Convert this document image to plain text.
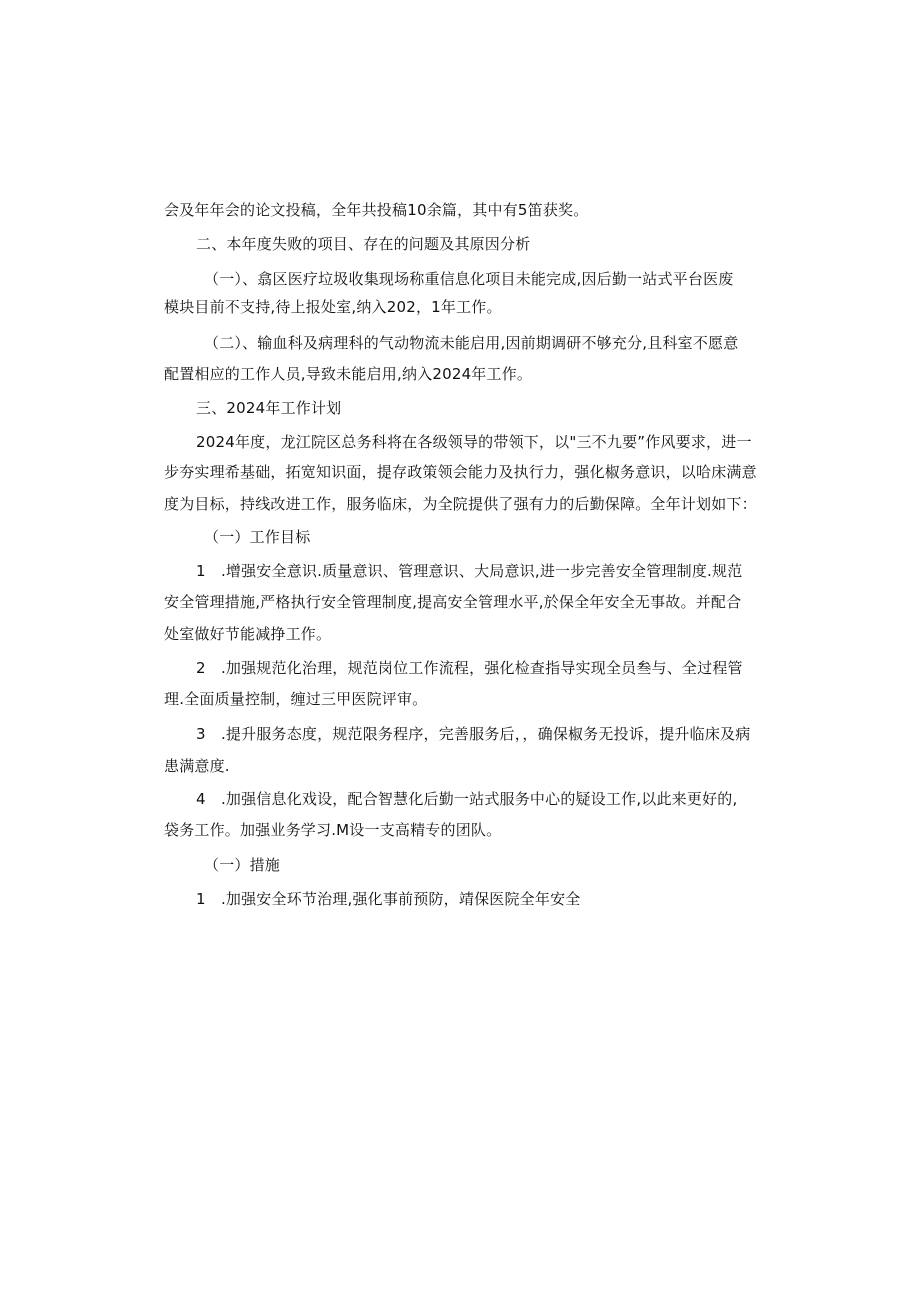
会及年年会的论文投稿，全年共投稿10余篇，其中有5笛获奖。
二、本年度失败的项目、存在的问题及其原因分析
（一）、翕区医疗垃圾收集现场称重信息化项目未能完成,因后勤一站式平台医废
模块目前不支持,待上报处室,纳入202，1年工作。
（二）、输血科及病理科的气动物流未能启用,因前期调研不够充分,且科室不愿意
配置相应的工作人员,导致未能启用,纳入2024年工作。
三、2024年工作计划
2024年度，龙江院区总务科将在各级领导的带领下，以"三不九要”作风要求，进一
步夯实理希基础，拓宽知识面，提存政策领会能力及执行力，强化椒务意识，以哈床满意
度为目标，持线改进工作，服务临床，为全院提供了强有力的后勤保障。全年计划如下：
（一）工作目标
1　.增强安全意识.质量意识、管理意识、大局意识,进一步完善安全管理制度.规范
安全管理措施,严格执行安全管理制度,提高安全管理水平,於保全年安全无事故。并配合
处室做好节能减挣工作。
2　.加强规范化治理，规范岗位工作流程，强化检查指导实现全员叁与、全过程管
理.全面质量控制，缠过三甲医院评审。
3　.提升服务态度，规范限务程序，完善服务后，，确保椒务无投诉，提升临床及病
患满意度.
4　.加强信息化戏设，配合智慧化后勤一站式服务中心的疑设工作,以此来更好的,
袋务工作。加强业务学习.M设一支高精专的团队。
（一）措施
1　.加强安全环节治理,强化事前预防，靖保医院全年安全
